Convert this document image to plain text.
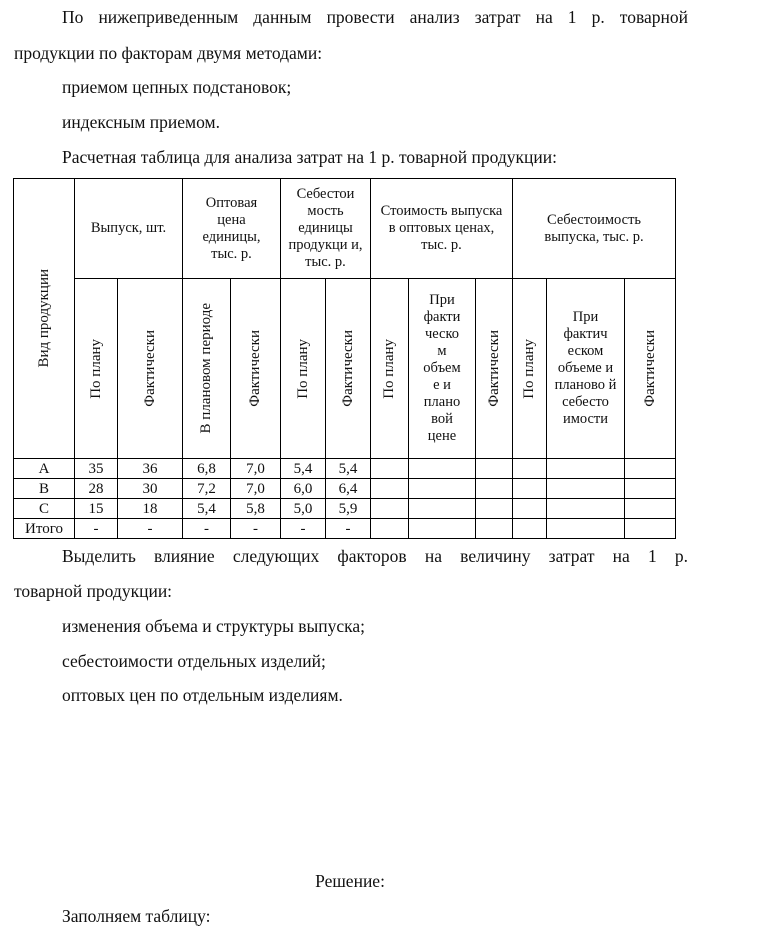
По нижеприведенным данным провести анализ затрат на 1 р. товарной
продукции по факторам двумя методами:
приемом цепных подстановок;
индексным приемом.
Расчетная таблица для анализа затрат на 1 р. товарной продукции:
Вид продукции	Выпуск, шт.		Оптовая цена единицы, тыс. р.		Себестои мость единицы продукци и, тыс. р.		Стоимость выпуска в оптовых ценах, тыс. р.			Себестоимость выпуска, тыс. р.		

	По плану	Фактически	В плановом периоде	Фактически	По плану	Фактически	По плану	При факти ческо м объем е и плано вой цене	Фактически	По плану	При фактич еском объеме и планово й себесто имости	Фактически

A	35	36	6,8	7,0	5,4	5,4						
B	28	30	7,2	7,0	6,0	6,4						
C	15	18	5,4	5,8	5,0	5,9						
Итого	-	-	-	-	-	-						
Выделить влияние следующих факторов на величину затрат на 1 р.
товарной продукции:
изменения объема и структуры выпуска;
себестоимости отдельных изделий;
оптовых цен по отдельным изделиям.
Решение:
Заполняем таблицу:
